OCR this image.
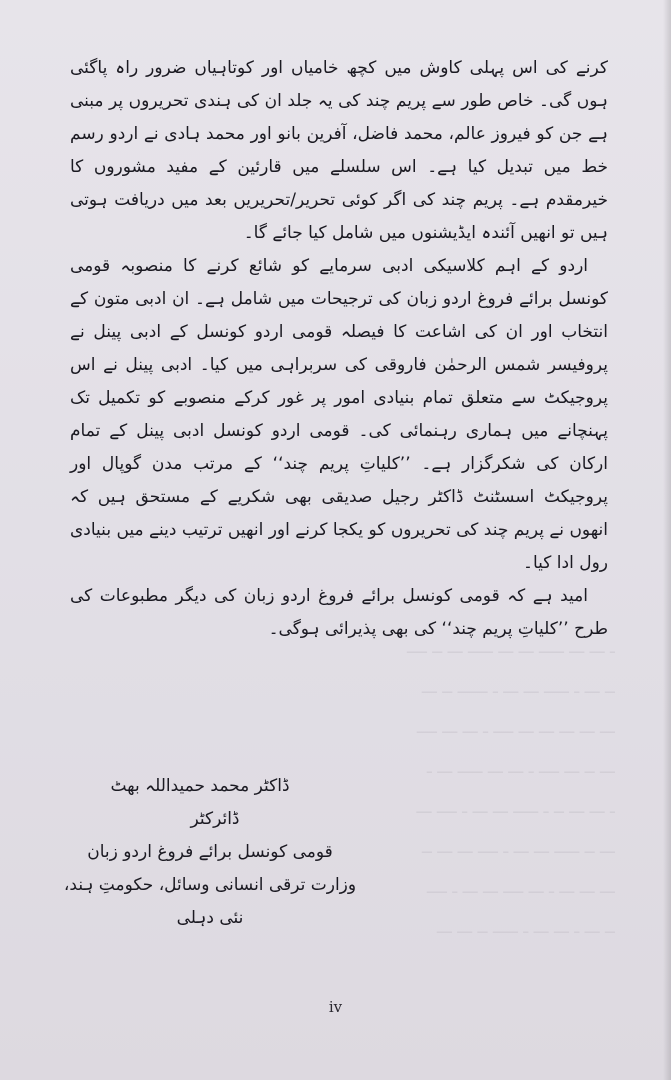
ــــ ــ ـــ ـــــ ـــ ـــ ـــــ ـــ ـــ ـ
ـــ ــ ــــــ ـ ـــ ـــ ـــــ ـ ـــ ــ
ــــ ـــ ـــ ـ ــــ ـــ ـــ ـــ ـــ ـــ
ـ ـــ ـــــ ـــ ـــ ـ ــــ ـــ ــ ـــ
ـــ ــــ ـ ـــ ـــ ـــــ ـ ــ ـــ ـــ ـ
ــ ـــ ـــ ــــ ـ ـــ ـــ ـــــ ــ ـــ
ــــ ـ ـــ ـــ ــــ ـــ ـ ـــ ـــ ـــ
ـــ ـــ ــ ـــــ ـ ـــ ـــ ـ ـــ ــ

کرنے کی اس پہلی کاوش میں کچھ خامیاں اور کوتاہیاں ضرور راہ پاگئی ہوں گی۔ خاص طور سے پریم چند کی یہ جلد ان کی ہندی تحریروں پر مبنی ہے جن کو فیروز عالم، محمد فاضل، آفرین بانو اور محمد ہادی نے اردو رسم خط میں تبدیل کیا ہے۔ اس سلسلے میں قارئین کے مفید مشوروں کا خیرمقدم ہے۔ پریم چند کی اگر کوئی تحریر/تحریریں بعد میں دریافت ہوتی ہیں تو انھیں آئندہ ایڈیشنوں میں شامل کیا جائے گا۔

اردو کے اہم کلاسیکی ادبی سرمایے کو شائع کرنے کا منصوبہ قومی کونسل برائے فروغ اردو زبان کی ترجیحات میں شامل ہے۔ ان ادبی متون کے انتخاب اور ان کی اشاعت کا فیصلہ قومی اردو کونسل کے ادبی پینل نے پروفیسر شمس الرحمٰن فاروقی کی سربراہی میں کیا۔ ادبی پینل نے اس پروجیکٹ سے متعلق تمام بنیادی امور پر غور کرکے منصوبے کو تکمیل تک پہنچانے میں ہماری رہنمائی کی۔ قومی اردو کونسل ادبی پینل کے تمام ارکان کی شکرگزار ہے۔ ’’کلیاتِ پریم چند‘‘ کے مرتب مدن گوپال اور پروجیکٹ اسسٹنٹ ڈاکٹر رجیل صدیقی بھی شکریے کے مستحق ہیں کہ انھوں نے پریم چند کی تحریروں کو یکجا کرنے اور انھیں ترتیب دینے میں بنیادی رول ادا کیا۔

امید ہے کہ قومی کونسل برائے فروغ اردو زبان کی دیگر مطبوعات کی طرح ’’کلیاتِ پریم چند‘‘ کی بھی پذیرائی ہوگی۔

ڈاکٹر محمد حمیداللہ بھٹ
ڈائرکٹر
قومی کونسل برائے فروغ اردو زبان
وزارت ترقی انسانی وسائل، حکومتِ ہند،
نئی دہلی
iv
